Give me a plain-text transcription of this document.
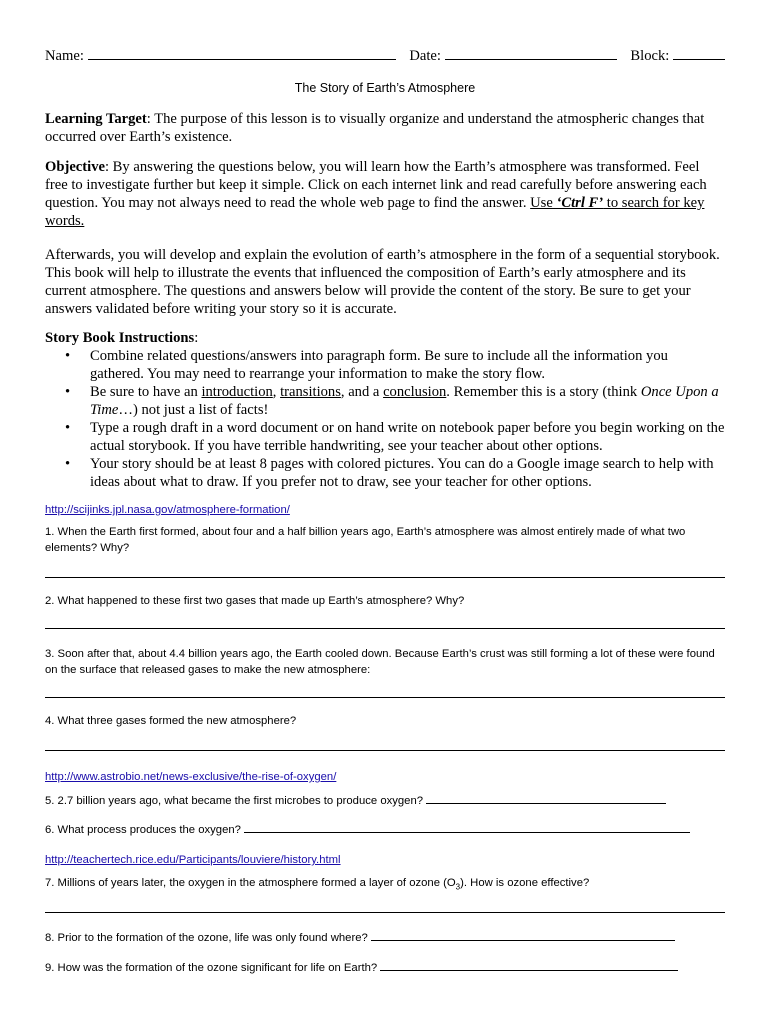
Name:	Date:	Block:
The Story of Earth’s Atmosphere
Learning Target: The purpose of this lesson is to visually organize and understand the atmospheric changes that occurred over Earth’s existence.
Objective: By answering the questions below, you will learn how the Earth’s atmosphere was transformed. Feel free to investigate further but keep it simple. Click on each internet link and read carefully before answering each question. You may not always need to read the whole web page to find the answer. Use ‘Ctrl F’ to search for key words.
Afterwards, you will develop and explain the evolution of earth’s atmosphere in the form of a sequential storybook. This book will help to illustrate the events that influenced the composition of Earth’s early atmosphere and its current atmosphere. The questions and answers below will provide the content of the story. Be sure to get your answers validated before writing your story so it is accurate.
Story Book Instructions:
• Combine related questions/answers into paragraph form. Be sure to include all the information you gathered. You may need to rearrange your information to make the story flow.
• Be sure to have an introduction, transitions, and a conclusion. Remember this is a story (think Once Upon a Time…) not just a list of facts!
• Type a rough draft in a word document or on hand write on notebook paper before you begin working on the actual storybook. If you have terrible handwriting, see your teacher about other options.
• Your story should be at least 8 pages with colored pictures. You can do a Google image search to help with ideas about what to draw. If you prefer not to draw, see your teacher for other options.
http://scijinks.jpl.nasa.gov/atmosphere-formation/
1. When the Earth first formed, about four and a half billion years ago, Earth’s atmosphere was almost entirely made of what two elements? Why?
2. What happened to these first two gases that made up Earth’s atmosphere? Why?
3. Soon after that, about 4.4 billion years ago, the Earth cooled down. Because Earth’s crust was still forming a lot of these were found on the surface that released gases to make the new atmosphere:
4. What three gases formed the new atmosphere?
http://www.astrobio.net/news-exclusive/the-rise-of-oxygen/
5. 2.7 billion years ago, what became the first microbes to produce oxygen?
6. What process produces the oxygen?
http://teachertech.rice.edu/Participants/louviere/history.html
7. Millions of years later, the oxygen in the atmosphere formed a layer of ozone $(O_3)$. How is ozone effective?
8. Prior to the formation of the ozone, life was only found where?
9. How was the formation of the ozone significant for life on Earth?
